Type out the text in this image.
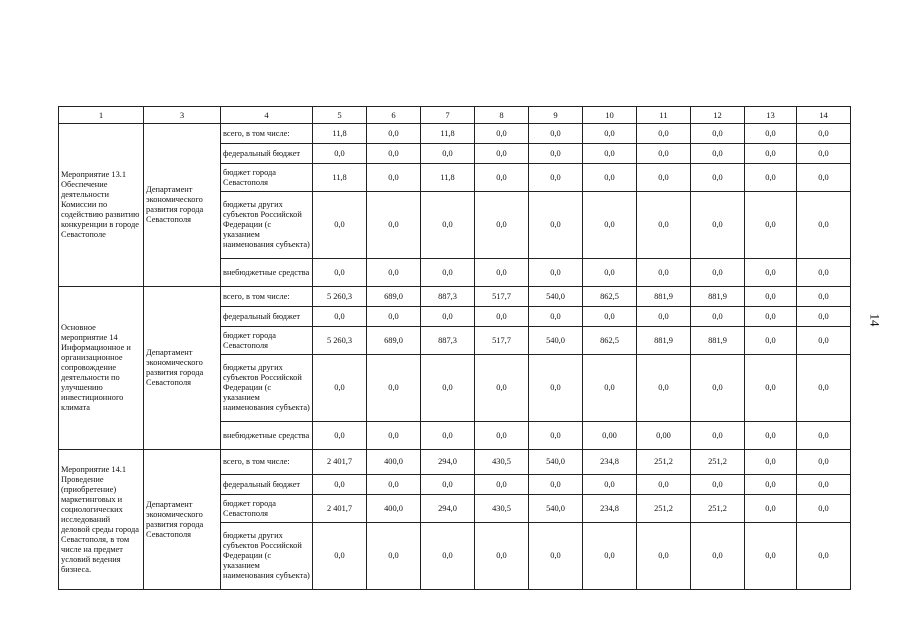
1	3	4	5	6	7	8	9	10	11	12	13	14
Мероприятие 13.1 Обеспечение деятельности Комиссии по содействию развитию конкуренции в городе Севастополе	Департамент экономического развития города Севастополя	всего, в том числе:	11,8	0,0	11,8	0,0	0,0	0,0	0,0	0,0	0,0	0,0
		федеральный бюджет	0,0	0,0	0,0	0,0	0,0	0,0	0,0	0,0	0,0	0,0
		бюджет города Севастополя	11,8	0,0	11,8	0,0	0,0	0,0	0,0	0,0	0,0	0,0
		бюджеты других субъектов Российской Федерации (с указанием наименования субъекта)	0,0	0,0	0,0	0,0	0,0	0,0	0,0	0,0	0,0	0,0
		внебюджетные средства	0,0	0,0	0,0	0,0	0,0	0,0	0,0	0,0	0,0	0,0
Основное мероприятие 14 Информационное и организационное сопровождение деятельности по улучшению инвестиционного климата	Департамент экономического развития города Севастополя	всего, в том числе:	5 260,3	689,0	887,3	517,7	540,0	862,5	881,9	881,9	0,0	0,0
		федеральный бюджет	0,0	0,0	0,0	0,0	0,0	0,0	0,0	0,0	0,0	0,0
		бюджет города Севастополя	5 260,3	689,0	887,3	517,7	540,0	862,5	881,9	881,9	0,0	0,0
		бюджеты других субъектов Российской Федерации (с указанием наименования субъекта)	0,0	0,0	0,0	0,0	0,0	0,0	0,0	0,0	0,0	0,0
		внебюджетные средства	0,0	0,0	0,0	0,0	0,0	0,00	0,00	0,0	0,0	0,0
Мероприятие 14.1 Проведение (приобретение) маркетинговых и социологических исследований деловой среды города Севастополя, в том числе на предмет условий ведения бизнеса.	Департамент экономического развития города Севастополя	всего, в том числе:	2 401,7	400,0	294,0	430,5	540,0	234,8	251,2	251,2	0,0	0,0
		федеральный бюджет	0,0	0,0	0,0	0,0	0,0	0,0	0,0	0,0	0,0	0,0
		бюджет города Севастополя	2 401,7	400,0	294,0	430,5	540,0	234,8	251,2	251,2	0,0	0,0
		бюджеты других субъектов Российской Федерации (с указанием наименования субъекта)	0,0	0,0	0,0	0,0	0,0	0,0	0,0	0,0	0,0	0,0
14
